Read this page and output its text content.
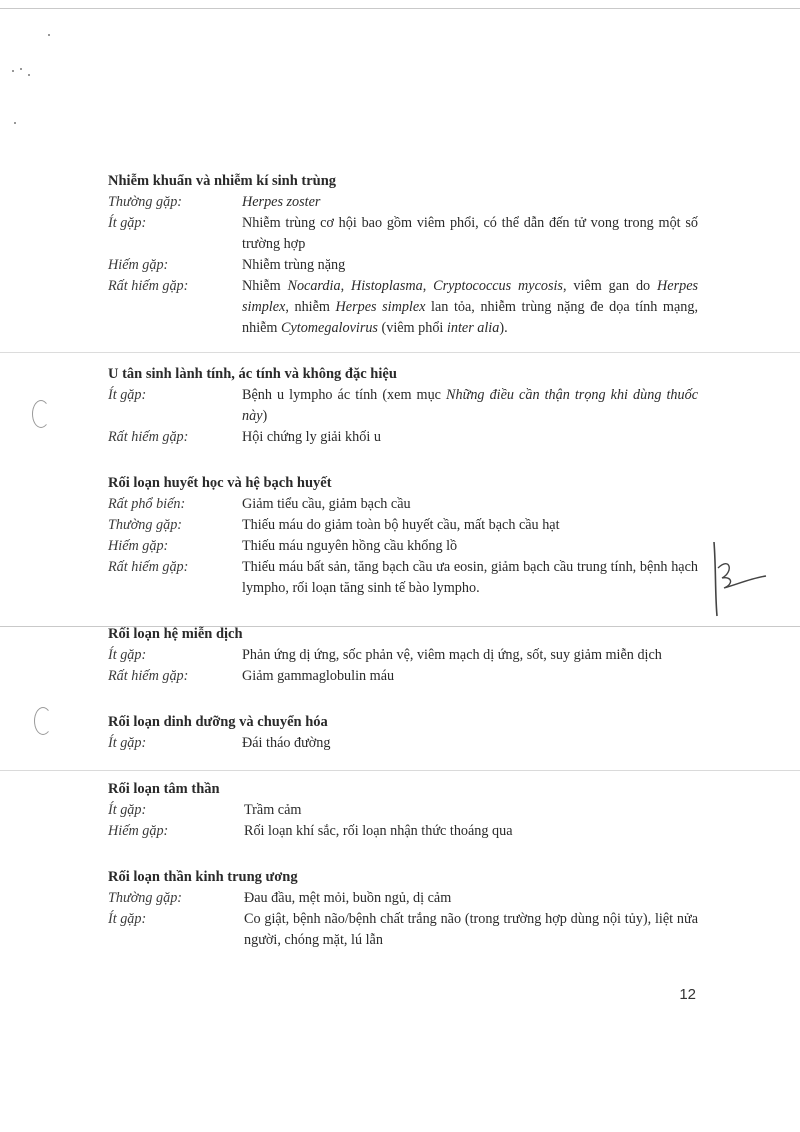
Nhiễm khuẩn và nhiễm kí sinh trùng

Thường gặp:	Herpes zoster
Ít gặp:	Nhiễm trùng cơ hội bao gồm viêm phổi, có thể dẫn đến tử vong trong một số trường hợp
Hiếm gặp:	Nhiễm trùng nặng
Rất hiếm gặp:	Nhiễm Nocardia, Histoplasma, Cryptococcus mycosis, viêm gan do Herpes simplex, nhiễm Herpes simplex lan tỏa, nhiễm trùng nặng đe dọa tính mạng, nhiễm Cytomegalovirus (viêm phổi inter alia).

U tân sinh lành tính, ác tính và không đặc hiệu

Ít gặp:	Bệnh u lympho ác tính (xem mục Những điều cần thận trọng khi dùng thuốc này)
Rất hiếm gặp:	Hội chứng ly giải khối u

Rối loạn huyết học và hệ bạch huyết

Rất phổ biến:	Giảm tiểu cầu, giảm bạch cầu
Thường gặp:	Thiếu máu do giảm toàn bộ huyết cầu, mất bạch cầu hạt
Hiếm gặp:	Thiếu máu nguyên hồng cầu khổng lồ
Rất hiếm gặp:	Thiếu máu bất sản, tăng bạch cầu ưa eosin, giảm bạch cầu trung tính, bệnh hạch lympho, rối loạn tăng sinh tế bào lympho.

Rối loạn hệ miễn dịch

Ít gặp:	Phản ứng dị ứng, sốc phản vệ, viêm mạch dị ứng, sốt, suy giảm miễn dịch
Rất hiếm gặp:	Giảm gammaglobulin máu

Rối loạn dinh dưỡng và chuyển hóa

Ít gặp:	Đái tháo đường

Rối loạn tâm thần

Ít gặp:	Trầm cảm
Hiếm gặp:	Rối loạn khí sắc, rối loạn nhận thức thoáng qua

Rối loạn thần kinh trung ương

Thường gặp:	Đau đầu, mệt mỏi, buồn ngủ, dị cảm
Ít gặp:	Co giật, bệnh não/bệnh chất trắng não (trong trường hợp dùng nội tủy), liệt nửa người, chóng mặt, lú lẫn
12
